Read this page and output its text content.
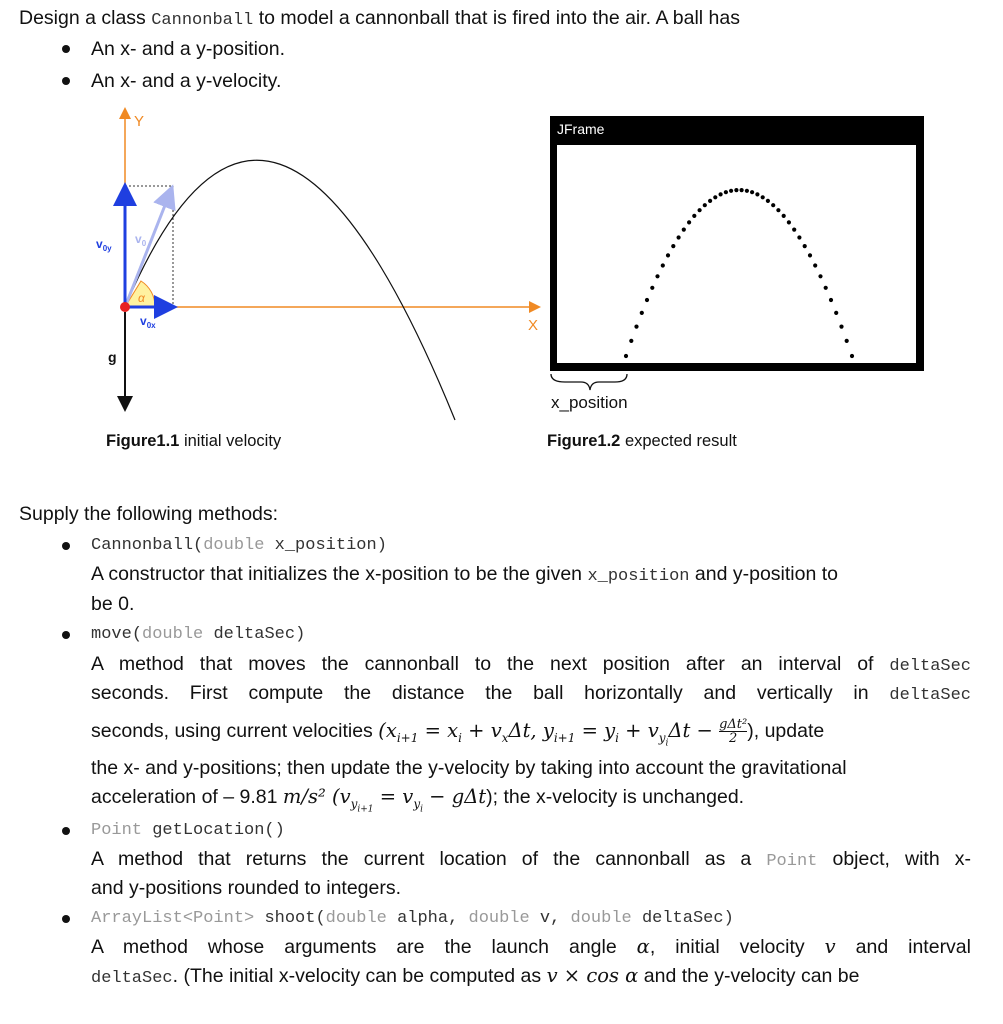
Design a class Cannonball to model a cannonball that is fired into the air. A ball has
An x- and a y-position.
An x- and a y-velocity.
Y
X
α
$v_0$
$v_{0y}$
$v_{0x}$
g
Figure1.1 initial velocity
JFrame
x_position
Figure1.2 expected result
Supply the following methods:
Cannonball(double x_position)
A constructor that initializes the x-position to be the given x_position and y-position to
be 0.
move(double deltaSec)
A method that moves the cannonball to the next position after an interval of deltaSec
seconds. First compute the distance the ball horizontally and vertically in deltaSec
seconds, using current velocities ($x_{i+1} = x_i + v_x\Delta t$, $y_{i+1} = y_i + v_{y_i}\Delta t - g\Delta t^2$
2 ), update
the x- and y-positions; then update the y-velocity by taking into account the gravitational
acceleration of – 9.81 m/s² $(v_{y_{i+1}} = v_{y_i} - g\Delta t)$; the x-velocity is unchanged.
Point getLocation()
A method that returns the current location of the cannonball as a Point object, with x-
and y-positions rounded to integers.
ArrayList<Point> shoot(double alpha, double v, double deltaSec)
A method whose arguments are the launch angle α, initial velocity v and interval
deltaSec. (The initial x-velocity can be computed as v × cos α and the y-velocity can be
